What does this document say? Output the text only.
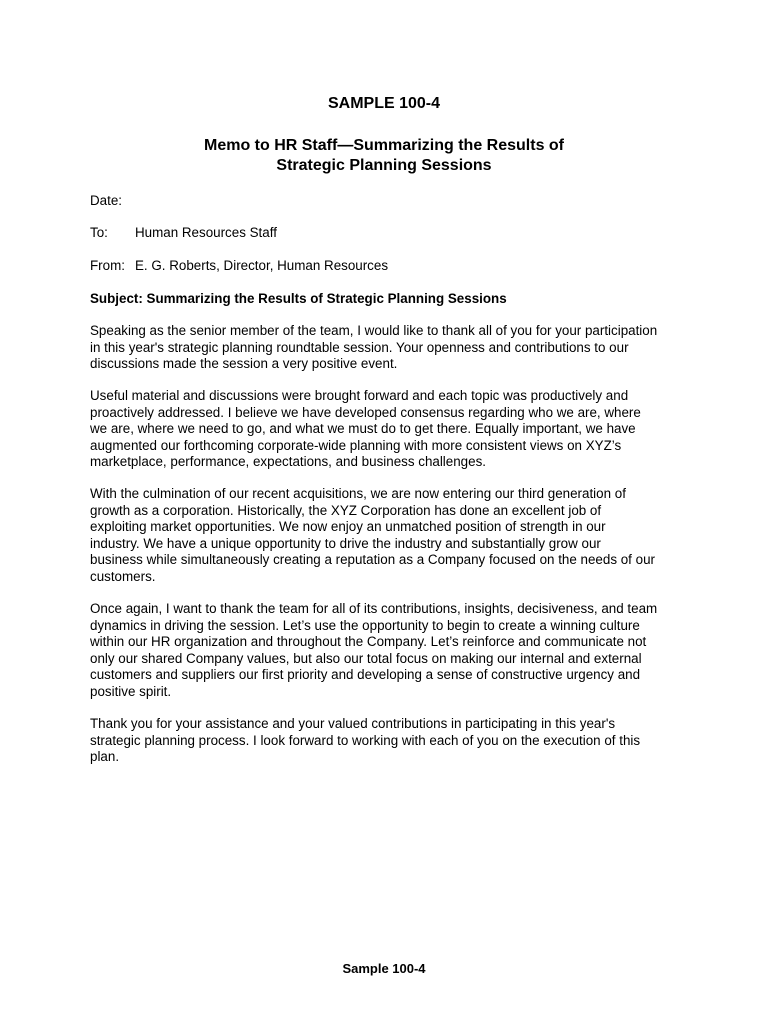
SAMPLE 100-4
Memo to HR Staff—Summarizing the Results of
Strategic Planning Sessions
Date:
To: Human Resources Staff
From: E. G. Roberts, Director, Human Resources
Subject: Summarizing the Results of Strategic Planning Sessions

Speaking as the senior member of the team, I would like to thank all of you for your participation

in this year's strategic planning roundtable session. Your openness and contributions to our

discussions made the session a very positive event.

Useful material and discussions were brought forward and each topic was productively and

proactively addressed. I believe we have developed consensus regarding who we are, where

we are, where we need to go, and what we must do to get there. Equally important, we have

augmented our forthcoming corporate-wide planning with more consistent views on XYZ’s

marketplace, performance, expectations, and business challenges.

With the culmination of our recent acquisitions, we are now entering our third generation of

growth as a corporation. Historically, the XYZ Corporation has done an excellent job of

exploiting market opportunities. We now enjoy an unmatched position of strength in our

industry. We have a unique opportunity to drive the industry and substantially grow our

business while simultaneously creating a reputation as a Company focused on the needs of our

customers.

Once again, I want to thank the team for all of its contributions, insights, decisiveness, and team

dynamics in driving the session. Let’s use the opportunity to begin to create a winning culture

within our HR organization and throughout the Company. Let’s reinforce and communicate not

only our shared Company values, but also our total focus on making our internal and external

customers and suppliers our first priority and developing a sense of constructive urgency and

positive spirit.

Thank you for your assistance and your valued contributions in participating in this year's

strategic planning process. I look forward to working with each of you on the execution of this

plan.

Sample 100-4
